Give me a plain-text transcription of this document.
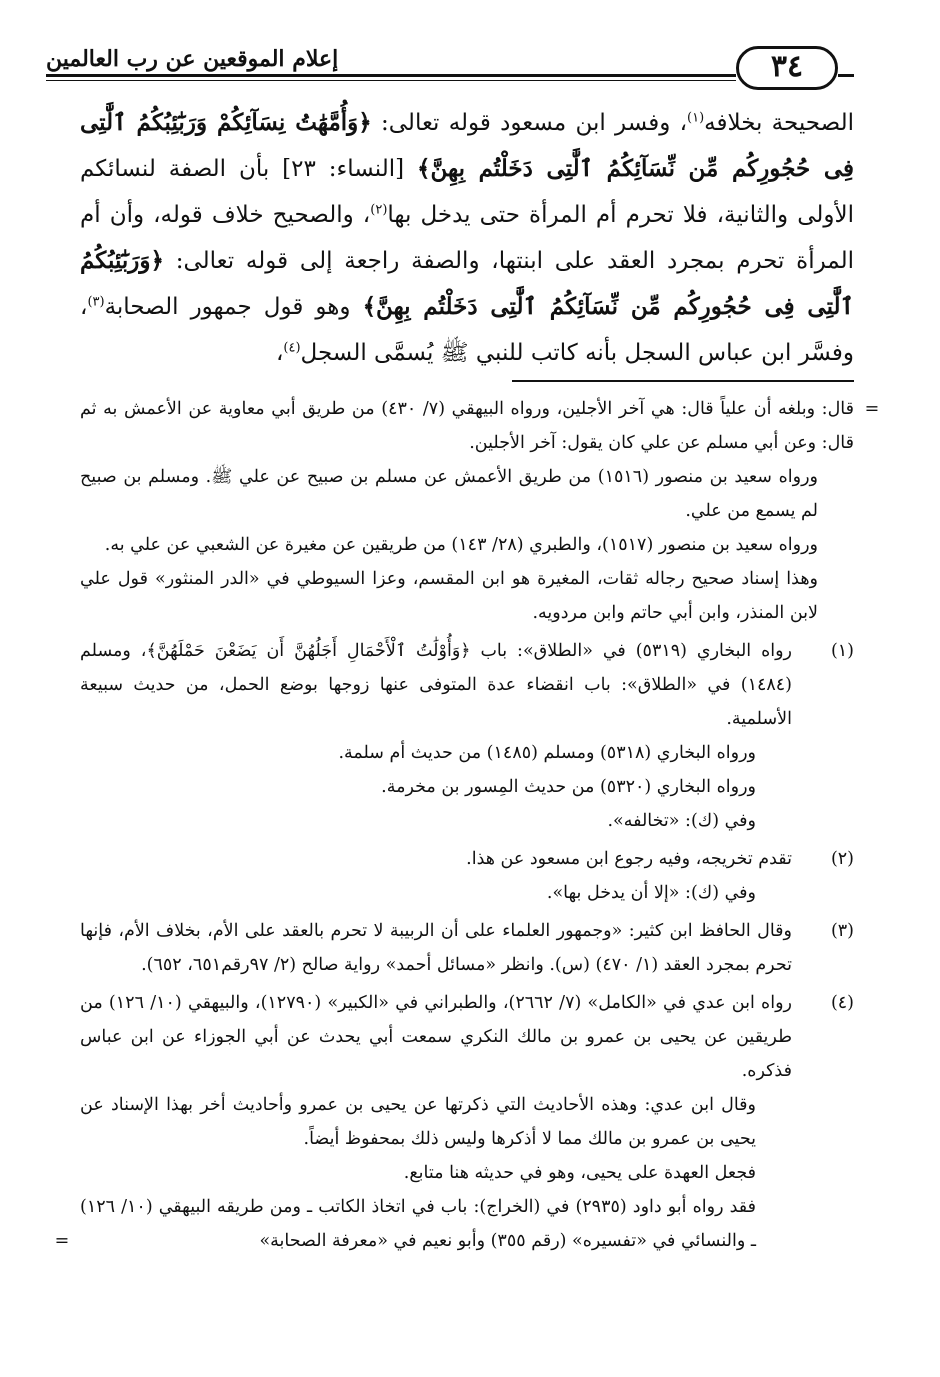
إعلام الموقعين عن رب العالمين	٣٤

الصحيحة بخلافه$^{(١)}$، وفسر ابن مسعود قوله تعالى: ﴿وَأُمَّهَٰتُ نِسَآئِكُمْ وَرَبَٰٓئِبُكُمُ ٱلَّٰتِى فِى حُجُورِكُم مِّن نِّسَآئِكُمُ ٱلَّٰتِى دَخَلْتُم بِهِنَّ﴾ [النساء: ٢٣] بأن الصفة لنسائكم الأولى والثانية، فلا تحرم أم المرأة حتى يدخل بها$^{(٢)}$، والصحيح خلاف قوله، وأن أم المرأة تحرم بمجرد العقد على ابنتها، والصفة راجعة إلى قوله تعالى: ﴿وَرَبَٰٓئِبُكُمُ ٱلَّٰتِى فِى حُجُورِكُم مِّن نِّسَآئِكُمُ ٱلَّٰتِى دَخَلْتُم بِهِنَّ﴾ وهو قول جمهور الصحابة$^{(٣)}$، وفسَّر ابن عباس السجل بأنه كاتب للنبي ﷺ يُسمَّى السجل$^{(٤)}$،

=

قال: وبلغه أن علياً قال: هي آخر الأجلين، ورواه البيهقي (٧/ ٤٣٠) من طريق أبي معاوية عن الأعمش به ثم قال: وعن أبي مسلم عن علي كان يقول: آخر الأجلين.

ورواه سعيد بن منصور (١٥١٦) من طريق الأعمش عن مسلم بن صبيح عن علي ﷺ. ومسلم بن صبيح لم يسمع من علي.

ورواه سعيد بن منصور (١٥١٧)، والطبري (٢٨/ ١٤٣) من طريقين عن مغيرة عن الشعبي عن علي به.

وهذا إسناد صحيح رجاله ثقات، المغيرة هو ابن المقسم، وعزا السيوطي في «الدر المنثور» قول علي لابن المنذر، وابن أبي حاتم وابن مردويه.

(١)

رواه البخاري (٥٣١٩) في «الطلاق»: باب ﴿وَأُوْلَٰتُ ٱلْأَحْمَالِ أَجَلُهُنَّ أَن يَضَعْنَ حَمْلَهُنَّ﴾، ومسلم (١٤٨٤) في «الطلاق»: باب انقضاء عدة المتوفى عنها زوجها بوضع الحمل، من حديث سبيعة الأسلمية.

ورواه البخاري (٥٣١٨) ومسلم (١٤٨٥) من حديث أم سلمة.

ورواه البخاري (٥٣٢٠) من حديث المِسور بن مخرمة.

وفي (ك): «تخالفه».

(٢)

تقدم تخريجه، وفيه رجوع ابن مسعود عن هذا.

وفي (ك): «إلا أن يدخل بها».

(٣)

وقال الحافظ ابن كثير: «وجمهور العلماء على أن الربيبة لا تحرم بالعقد على الأم، بخلاف الأم، فإنها تحرم بمجرد العقد (١/ ٤٧٠) (س). وانظر «مسائل أحمد» رواية صالح (٢/ ٩٧رقم٦٥١، ٦٥٢).

(٤)

رواه ابن عدي في «الكامل» (٧/ ٢٦٦٢)، والطبراني في «الكبير» (١٢٧٩٠)، والبيهقي (١٠/ ١٢٦) من طريقين عن يحيى بن عمرو بن مالك النكري سمعت أبي يحدث عن أبي الجوزاء عن ابن عباس فذكره.

وقال ابن عدي: وهذه الأحاديث التي ذكرتها عن يحيى بن عمرو وأحاديث أخر بهذا الإسناد عن يحيى بن عمرو بن مالك مما لا أذكرها وليس ذلك بمحفوظ أيضاً.

فجعل العهدة على يحيى، وهو في حديثه هنا متابع.

فقد رواه أبو داود (٢٩٣٥) في (الخراج): باب في اتخاذ الكاتب ـ ومن طريقه البيهقي (١٠/ ١٢٦) ـ والنسائي في «تفسيره» (رقم ٣٥٥) وأبو نعيم في «معرفة الصحابة»

=
